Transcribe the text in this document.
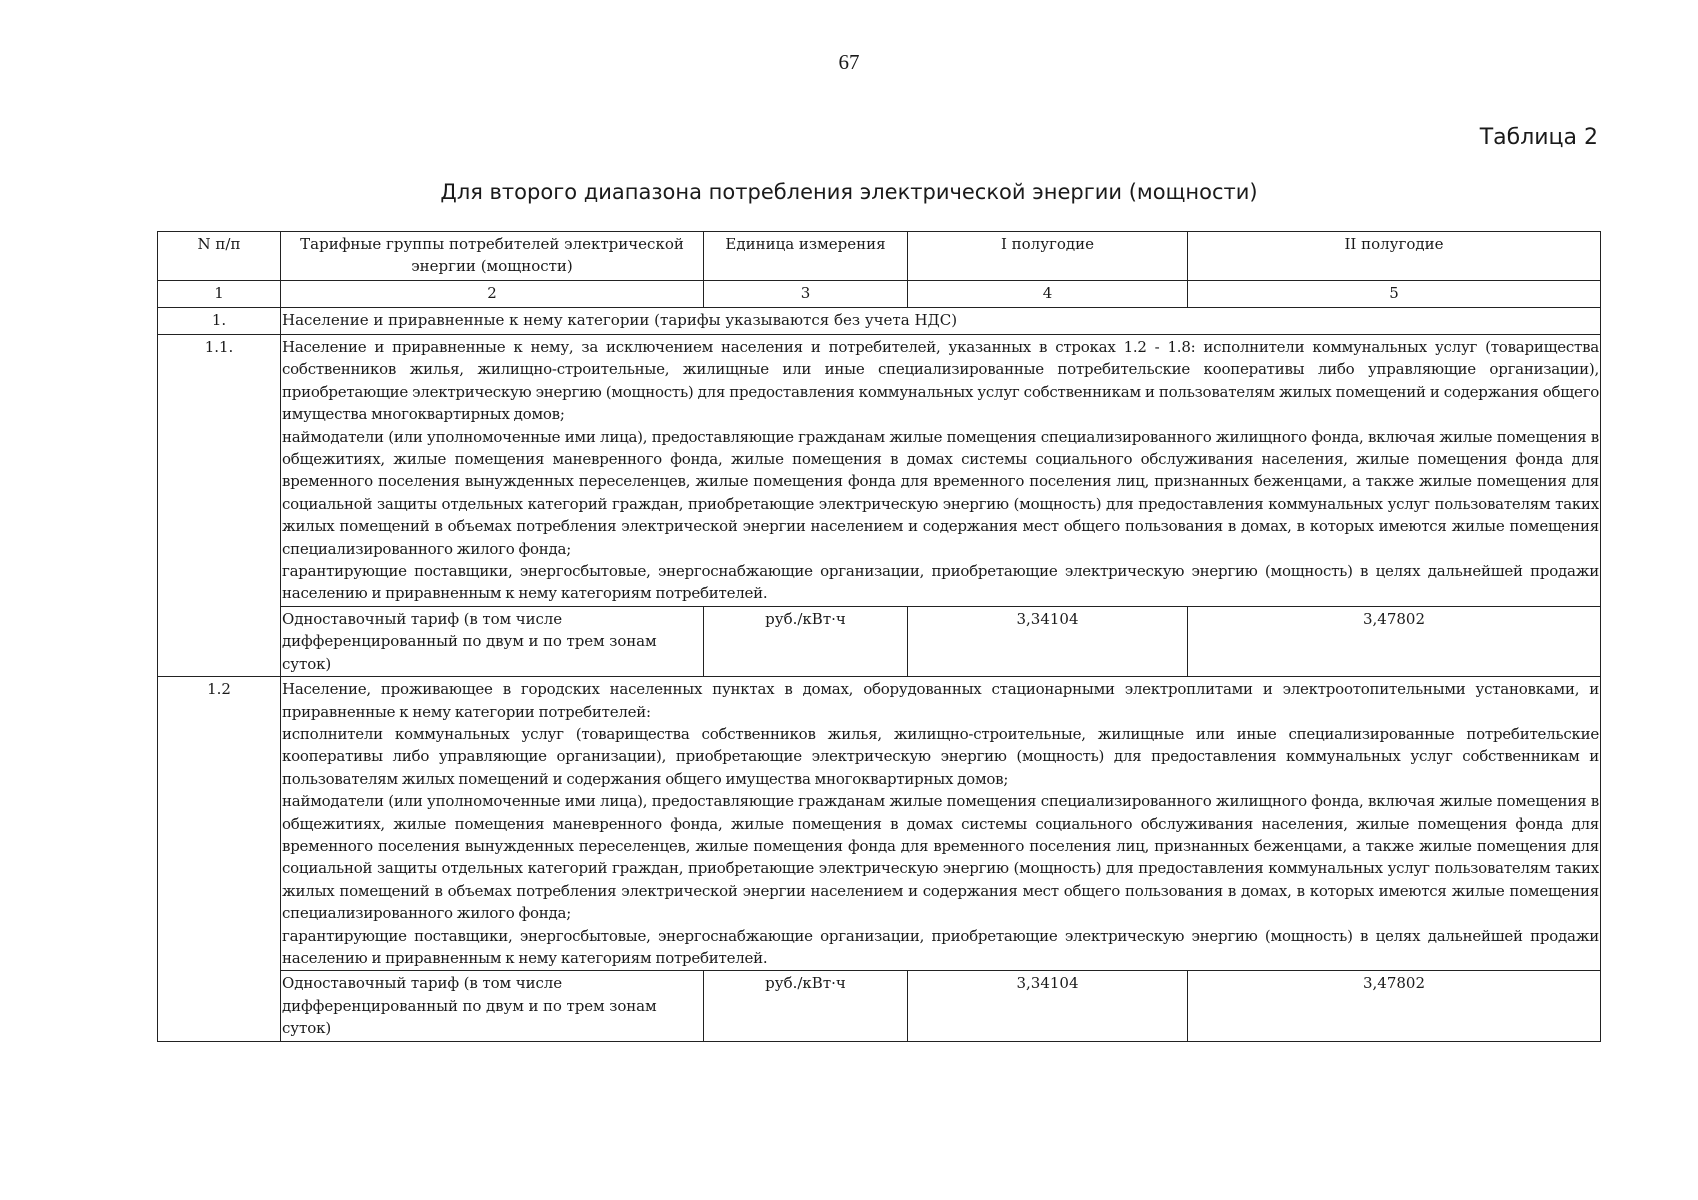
67
Таблица 2
Для второго диапазона потребления электрической энергии (мощности)
N п/п	Тарифные группы потребителей электрической энергии (мощности)	Единица измерения	I полугодие	II полугодие
1	2	3	4	5
1.	Население и приравненные к нему категории (тарифы указываются без учета НДС)			
1.1.	Население и приравненные к нему, за исключением населения и потребителей, указанных в строках 1.2 - 1.8: исполнители коммунальных услуг (товарищества собственников жилья, жилищно-строительные, жилищные или иные специализированные потребительские кооперативы либо управляющие организации), приобретающие электрическую энергию (мощность) для предоставления коммунальных услуг собственникам и пользователям жилых помещений и содержания общего имущества многоквартирных домов;

наймодатели (или уполномоченные ими лица), предоставляющие гражданам жилые помещения специализированного жилищного фонда, включая жилые помещения в общежитиях, жилые помещения маневренного фонда, жилые помещения в домах системы социального обслуживания населения, жилые помещения фонда для временного поселения вынужденных переселенцев, жилые помещения фонда для временного поселения лиц, признанных беженцами, а также жилые помещения для социальной защиты отдельных категорий граждан, приобретающие электрическую энергию (мощность) для предоставления коммунальных услуг пользователям таких жилых помещений в объемах потребления электрической энергии населением и содержания мест общего пользования в домах, в которых имеются жилые помещения специализированного жилого фонда;

гарантирующие поставщики, энергосбытовые, энергоснабжающие организации, приобретающие электрическую энергию (мощность) в целях дальнейшей продажи населению и приравненным к нему категориям потребителей.			

	Одноставочный тариф (в том числе дифференцированный по двум и по трем зонам суток)	руб./кВт·ч	3,34104	3,47802
1.2	Население, проживающее в городских населенных пунктах в домах, оборудованных стационарными электроплитами и электроотопительными установками, и приравненные к нему категории потребителей:

исполнители коммунальных услуг (товарищества собственников жилья, жилищно-строительные, жилищные или иные специализированные потребительские кооперативы либо управляющие организации), приобретающие электрическую энергию (мощность) для предоставления коммунальных услуг собственникам и пользователям жилых помещений и содержания общего имущества многоквартирных домов;

наймодатели (или уполномоченные ими лица), предоставляющие гражданам жилые помещения специализированного жилищного фонда, включая жилые помещения в общежитиях, жилые помещения маневренного фонда, жилые помещения в домах системы социального обслуживания населения, жилые помещения фонда для временного поселения вынужденных переселенцев, жилые помещения фонда для временного поселения лиц, признанных беженцами, а также жилые помещения для социальной защиты отдельных категорий граждан, приобретающие электрическую энергию (мощность) для предоставления коммунальных услуг пользователям таких жилых помещений в объемах потребления электрической энергии населением и содержания мест общего пользования в домах, в которых имеются жилые помещения специализированного жилого фонда;

гарантирующие поставщики, энергосбытовые, энергоснабжающие организации, приобретающие электрическую энергию (мощность) в целях дальнейшей продажи населению и приравненным к нему категориям потребителей.			

	Одноставочный тариф (в том числе дифференцированный по двум и по трем зонам суток)	руб./кВт·ч	3,34104	3,47802
